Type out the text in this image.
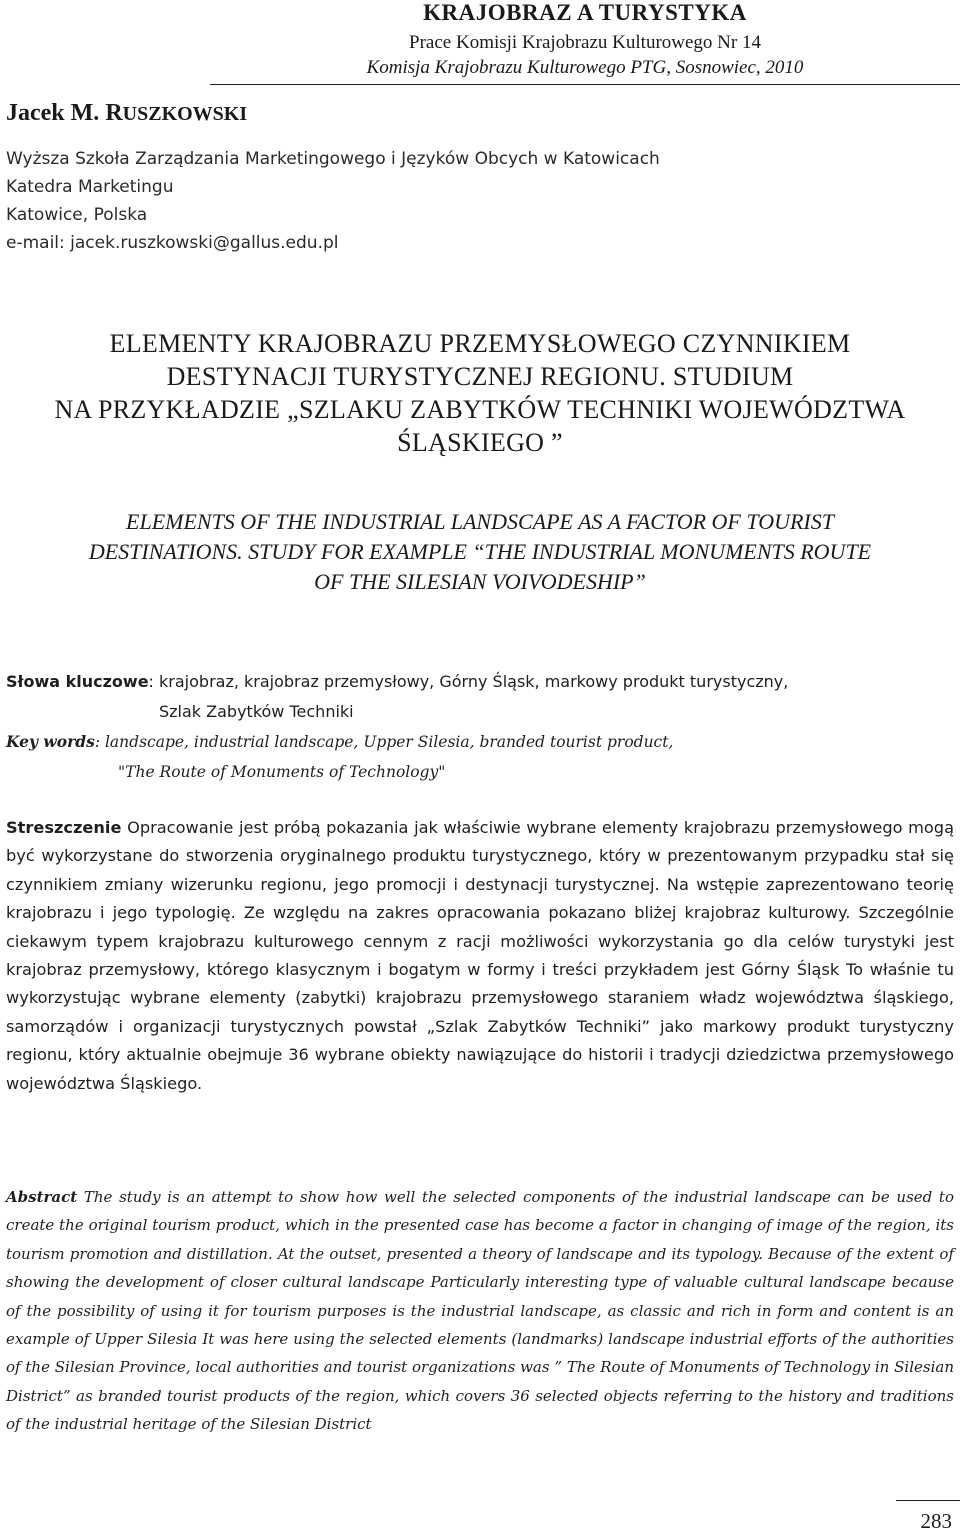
KRAJOBRAZ A TURYSTYKA
Prace Komisji Krajobrazu Kulturowego Nr 14
Komisja Krajobrazu Kulturowego PTG, Sosnowiec, 2010
Jacek M. RUSZKOWSKI
Wyższa Szkoła Zarządzania Marketingowego i Języków Obcych w Katowicach
Katedra Marketingu
Katowice, Polska
e-mail: jacek.ruszkowski@gallus.edu.pl
ELEMENTY KRAJOBRAZU PRZEMYSŁOWEGO CZYNNIKIEM
DESTYNACJI TURYSTYCZNEJ REGIONU. STUDIUM
NA PRZYKŁADZIE „SZLAKU ZABYTKÓW TECHNIKI WOJEWÓDZTWA
ŚLĄSKIEGO ”
ELEMENTS OF THE INDUSTRIAL LANDSCAPE AS A FACTOR OF TOURIST
DESTINATIONS. STUDY FOR EXAMPLE “THE INDUSTRIAL MONUMENTS ROUTE
OF THE SILESIAN VOIVODESHIP”
Słowa kluczowe: krajobraz, krajobraz przemysłowy, Górny Śląsk, markowy produkt turystyczny,
Szlak Zabytków Techniki
Key words: landscape, industrial landscape, Upper Silesia, branded tourist product,
"The Route of Monuments of Technology"
Streszczenie Opracowanie jest próbą pokazania jak właściwie wybrane elementy krajobrazu przemysłowego mogą być wykorzystane do stworzenia oryginalnego produktu turystycznego, który w prezentowanym przypadku stał się czynnikiem zmiany wizerunku regionu, jego promocji i destynacji turystycznej. Na wstępie zaprezentowano teorię krajobrazu i jego typologię. Ze względu na zakres opracowania pokazano bliżej krajobraz kulturowy. Szczególnie ciekawym typem krajobrazu kulturowego cennym z racji możliwości wykorzystania go dla celów turystyki jest krajobraz przemysłowy, którego klasycznym i bogatym w formy i treści przykładem jest Górny Śląsk To właśnie tu wykorzystując wybrane elementy (zabytki) krajobrazu przemysłowego staraniem władz województwa śląskiego, samorządów i organizacji turystycznych powstał „Szlak Zabytków Techniki” jako markowy produkt turystyczny regionu, który aktualnie obejmuje 36 wybrane obiekty nawiązujące do historii i tradycji dziedzictwa przemysłowego województwa Śląskiego.
Abstract The study is an attempt to show how well the selected components of the industrial landscape can be used to create the original tourism product, which in the presented case has become a factor in changing of image of the region, its tourism promotion and distillation. At the outset, presented a theory of landscape and its typology. Because of the extent of showing the development of closer cultural landscape Particularly interesting type of valuable cultural landscape because of the possibility of using it for tourism purposes is the industrial landscape, as classic and rich in form and content is an example of Upper Silesia It was here using the selected elements (landmarks) landscape industrial efforts of the authorities of the Silesian Province, local authorities and tourist organizations was ” The Route of Monuments of Technology in Silesian District” as branded tourist products of the region, which covers 36 selected objects referring to the history and traditions of the industrial heritage of the Silesian District
283
